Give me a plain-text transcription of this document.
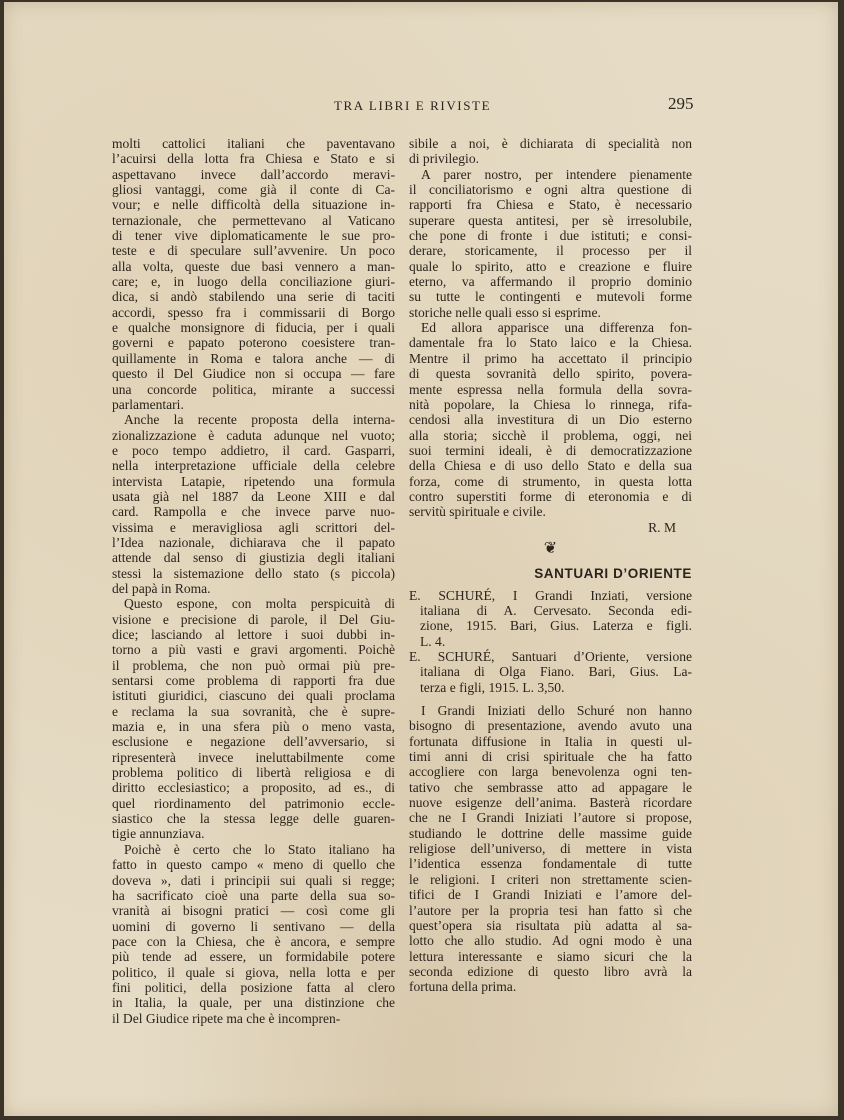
TRA LIBRI E RIVISTE	295
molti cattolici italiani che paventavano
l’acuirsi della lotta fra Chiesa e Stato e si
aspettavano invece dall’accordo meravi-
gliosi vantaggi, come già il conte di Ca-
vour; e nelle difficoltà della situazione in-
ternazionale, che permettevano al Vaticano
di tener vive diplomaticamente le sue pro-
teste e di speculare sull’avvenire. Un poco
alla volta, queste due basi vennero a man-
care; e, in luogo della conciliazione giuri-
dica, si andò stabilendo una serie di taciti
accordi, spesso fra i commissarii di Borgo
e qualche monsignore di fiducia, per i quali
governi e papato poterono coesistere tran-
quillamente in Roma e talora anche — di
questo il Del Giudice non si occupa — fare
una concorde politica, mirante a successi
parlamentari.
Anche la recente proposta della interna-
zionalizzazione è caduta adunque nel vuoto;
e poco tempo addietro, il card. Gasparri,
nella interpretazione ufficiale della celebre
intervista Latapie, ripetendo una formula
usata già nel 1887 da Leone XIII e dal
card. Rampolla e che invece parve nuo-
vissima e meravigliosa agli scrittori del-
l’Idea nazionale, dichiarava che il papato
attende dal senso di giustizia degli italiani
stessi la sistemazione dello stato (s piccola)
del papà in Roma.
Questo espone, con molta perspicuità di
visione e precisione di parole, il Del Giu-
dice; lasciando al lettore i suoi dubbi in-
torno a più vasti e gravi argomenti. Poichè
il problema, che non può ormai più pre-
sentarsi come problema di rapporti fra due
istituti giuridici, ciascuno dei quali proclama
e reclama la sua sovranità, che è supre-
mazia e, in una sfera più o meno vasta,
esclusione e negazione dell’avversario, si
ripresenterà invece ineluttabilmente come
problema politico di libertà religiosa e di
diritto ecclesiastico; a proposito, ad es., di
quel riordinamento del patrimonio eccle-
siastico che la stessa legge delle guaren-
tigie annunziava.
Poichè è certo che lo Stato italiano ha
fatto in questo campo « meno di quello che
doveva », dati i principii sui quali si regge;
ha sacrificato cioè una parte della sua so-
vranità ai bisogni pratici — così come gli
uomini di governo li sentivano — della
pace con la Chiesa, che è ancora, e sempre
più tende ad essere, un formidabile potere
politico, il quale si giova, nella lotta e per
fini politici, della posizione fatta al clero
in Italia, la quale, per una distinzione che
il Del Giudice ripete ma che è incompren-
sibile a noi, è dichiarata di specialità non
di privilegio.
A parer nostro, per intendere pienamente
il conciliatorismo e ogni altra questione di
rapporti fra Chiesa e Stato, è necessario
superare questa antitesi, per sè irresolubile,
che pone di fronte i due istituti; e consi-
derare, storicamente, il processo per il
quale lo spirito, atto e creazione e fluire
eterno, va affermando il proprio dominio
su tutte le contingenti e mutevoli forme
storiche nelle quali esso si esprime.
Ed allora apparisce una differenza fon-
damentale fra lo Stato laico e la Chiesa.
Mentre il primo ha accettato il principio
di questa sovranità dello spirito, povera-
mente espressa nella formula della sovra-
nità popolare, la Chiesa lo rinnega, rifa-
cendosi alla investitura di un Dio esterno
alla storia; sicchè il problema, oggi, nei
suoi termini ideali, è di democratizzazione
della Chiesa e di uso dello Stato e della sua
forza, come di strumento, in questa lotta
contro superstiti forme di eteronomia e di
servitù spirituale e civile.
R. M
❦
SANTUARI D’ORIENTE
E. SCHURÉ, I Grandi Inziati, versione
italiana di A. Cervesato. Seconda edi-
zione, 1915. Bari, Gius. Laterza e figli.
L. 4.
E. SCHURÉ, Santuari d’Oriente, versione
italiana di Olga Fiano. Bari, Gius. La-
terza e figli, 1915. L. 3,50.
I Grandi Iniziati dello Schuré non hanno
bisogno di presentazione, avendo avuto una
fortunata diffusione in Italia in questi ul-
timi anni di crisi spirituale che ha fatto
accogliere con larga benevolenza ogni ten-
tativo che sembrasse atto ad appagare le
nuove esigenze dell’anima. Basterà ricordare
che ne I Grandi Iniziati l’autore si propose,
studiando le dottrine delle massime guide
religiose dell’universo, di mettere in vista
l’identica essenza fondamentale di tutte
le religioni. I criteri non strettamente scien-
tifici de I Grandi Iniziati e l’amore del-
l’autore per la propria tesi han fatto sì che
quest’opera sia risultata più adatta al sa-
lotto che allo studio. Ad ogni modo è una
lettura interessante e siamo sicuri che la
seconda edizione di questo libro avrà la
fortuna della prima.
